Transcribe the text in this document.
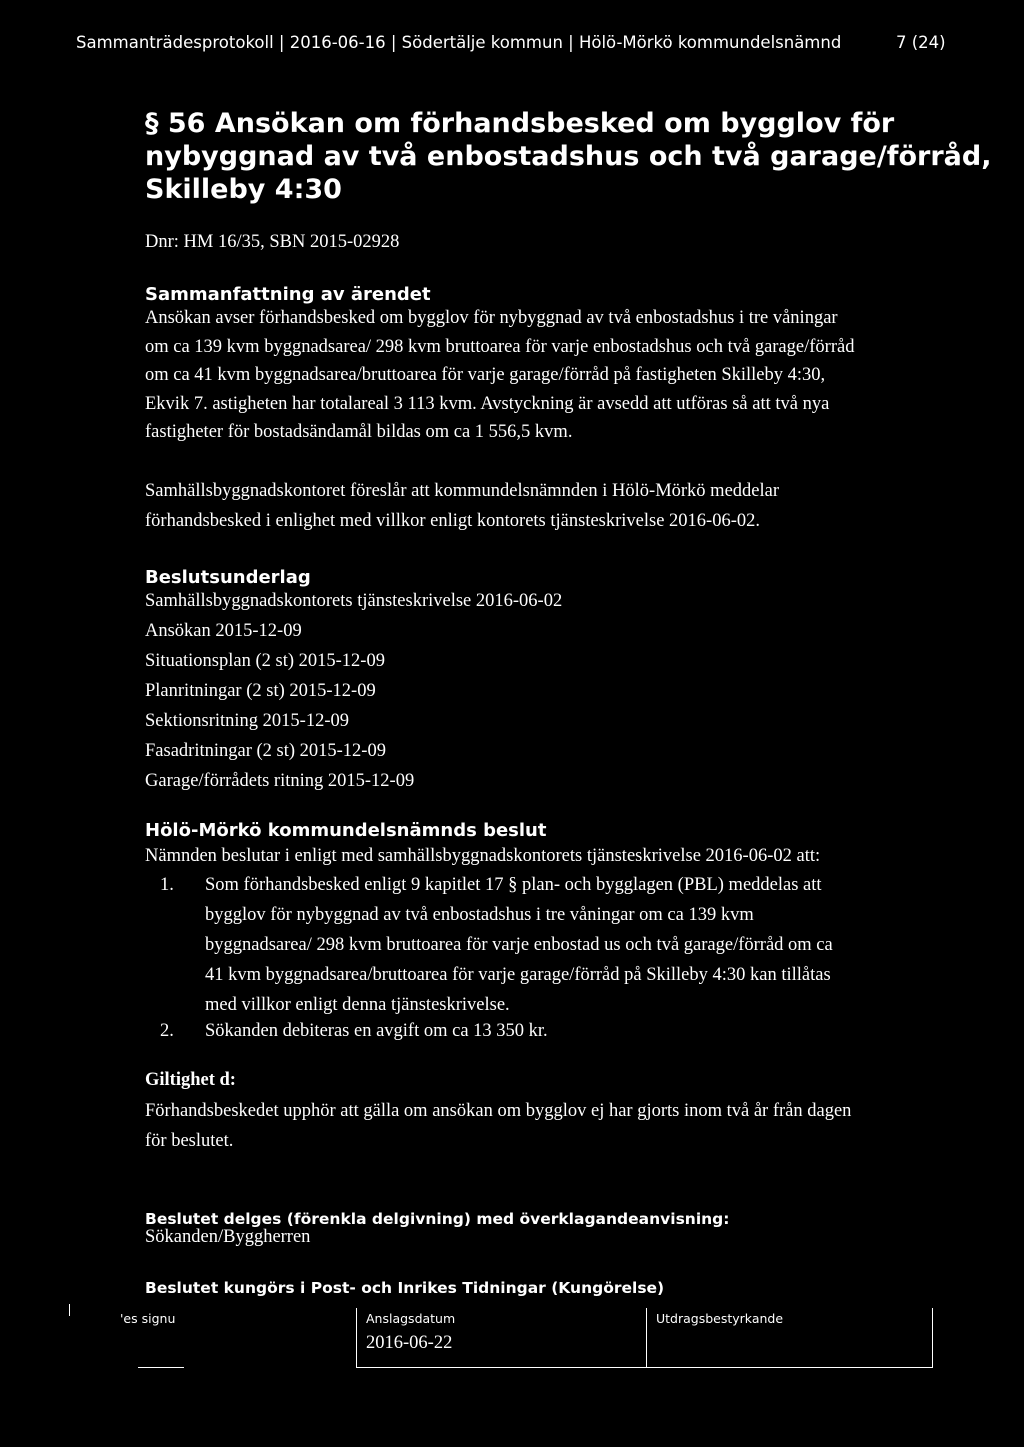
Sammanträdesprotokoll | 2016-06-16 | Södertälje kommun | Hölö-Mörkö kommundelsnämnd	7 (24)
§ 56 Ansökan om förhandsbesked om bygglov för
nybyggnad av två enbostadshus och två garage/förråd,
Skilleby 4:30
Dnr: HM 16/35, SBN 2015-02928
Sammanfattning av ärendet
Ansökan avser förhandsbesked om bygglov för nybyggnad av två enbostadshus i tre våningar
om ca 139 kvm byggnadsarea/ 298 kvm bruttoarea för varje enbostadshus och två garage/förråd
om ca 41 kvm byggnadsarea/bruttoarea för varje garage/förråd på fastigheten Skilleby 4:30,
Ekvik 7. astigheten har totalareal 3 113 kvm. Avstyckning är avsedd att utföras så att två nya
fastigheter för bostadsändamål bildas om ca 1 556,5 kvm.
Samhällsbyggnadskontoret föreslår att kommundelsnämnden i Hölö-Mörkö meddelar
förhandsbesked i enlighet med villkor enligt kontorets tjänsteskrivelse 2016-06-02.
Beslutsunderlag
Samhällsbyggnadskontorets tjänsteskrivelse 2016-06-02
Ansökan 2015-12-09
Situationsplan (2 st) 2015-12-09
Planritningar (2 st) 2015-12-09
Sektionsritning 2015-12-09
Fasadritningar (2 st) 2015-12-09
Garage/förrådets ritning 2015-12-09
Hölö-Mörkö kommundelsnämnds beslut
Nämnden beslutar i enligt med samhällsbyggnadskontorets tjänsteskrivelse 2016-06-02 att:
1.	Som förhandsbesked enligt 9 kapitlet 17 § plan- och bygglagen (PBL) meddelas att
bygglov för nybyggnad av två enbostadshus i tre våningar om ca 139 kvm
byggnadsarea/ 298 kvm bruttoarea för varje enbostad us och två garage/förråd om ca
41 kvm byggnadsarea/bruttoarea för varje garage/förråd på Skilleby 4:30 kan tillåtas
med villkor enligt denna tjänsteskrivelse.
2.	Sökanden debiteras en avgift om ca 13 350 kr.
Giltighet d:
Förhandsbeskedet upphör att gälla om ansökan om bygglov ej har gjorts inom två år från dagen
för beslutet.
Beslutet delges (förenkla delgivning) med överklagandeanvisning:
Sökanden/Byggherren
Beslutet kungörs i Post- och Inrikes Tidningar (Kungörelse)
'es signu	Anslagsdatum
2016-06-22
Utdragsbestyrkande
